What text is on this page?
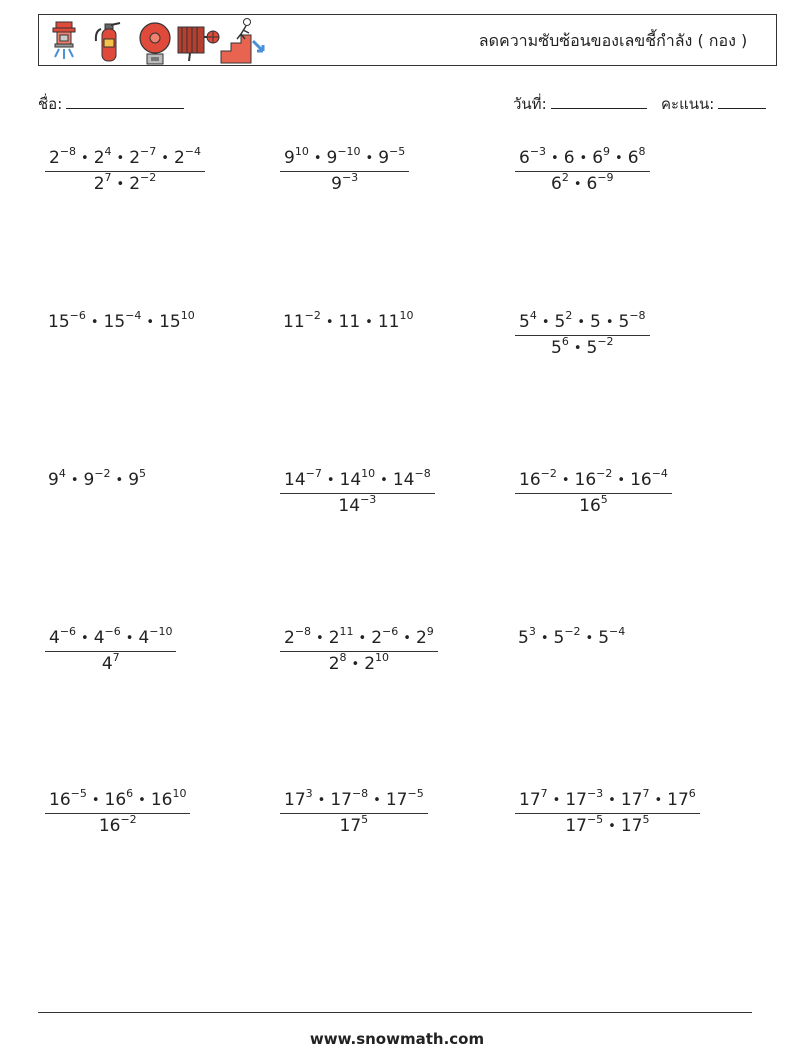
ลดความซับซ้อนของเลขชี้กำลัง ( กอง )
ชื่อ:	วันที่:	คะแนน:
$\frac{2^{-8} • 2^4 • 2^{-7} • 2^{-4}}{2^7 • 2^{-2}}$	$\frac{9^{10} • 9^{-10} • 9^{-5}}{9^{-3}}$	$\frac{6^{-3} • 6 • 6^9 • 6^8}{6^2 • 6^{-9}}$
$15^{-6}$ • $15^{-4}$ • $15^{10}$	$11^{-2}$ • 11 • $11^{10}$	$\frac{5^4 • 5^2 • 5 • 5^{-8}}{5^6 • 5^{-2}}$
$9^4$ • $9^{-2}$ • $9^5$	$\frac{14^{-7} • 14^{10} • 14^{-8}}{14^{-3}}$	$\frac{16^{-2} • 16^{-2} • 16^{-4}}{16^5}$
$\frac{4^{-6} • 4^{-6} • 4^{-10}}{4^7}$	$\frac{2^{-8} • 2^{11} • 2^{-6} • 2^9}{2^8 • 2^{10}}$	$5^3$ • $5^{-2}$ • $5^{-4}$
$\frac{16^{-5} • 16^6 • 16^{10}}{16^{-2}}$	$\frac{17^3 • 17^{-8} • 17^{-5}}{17^5}$	$\frac{17^7 • 17^{-3} • 17^7 • 17^6}{17^{-5} • 17^5}$
www.snowmath.com
